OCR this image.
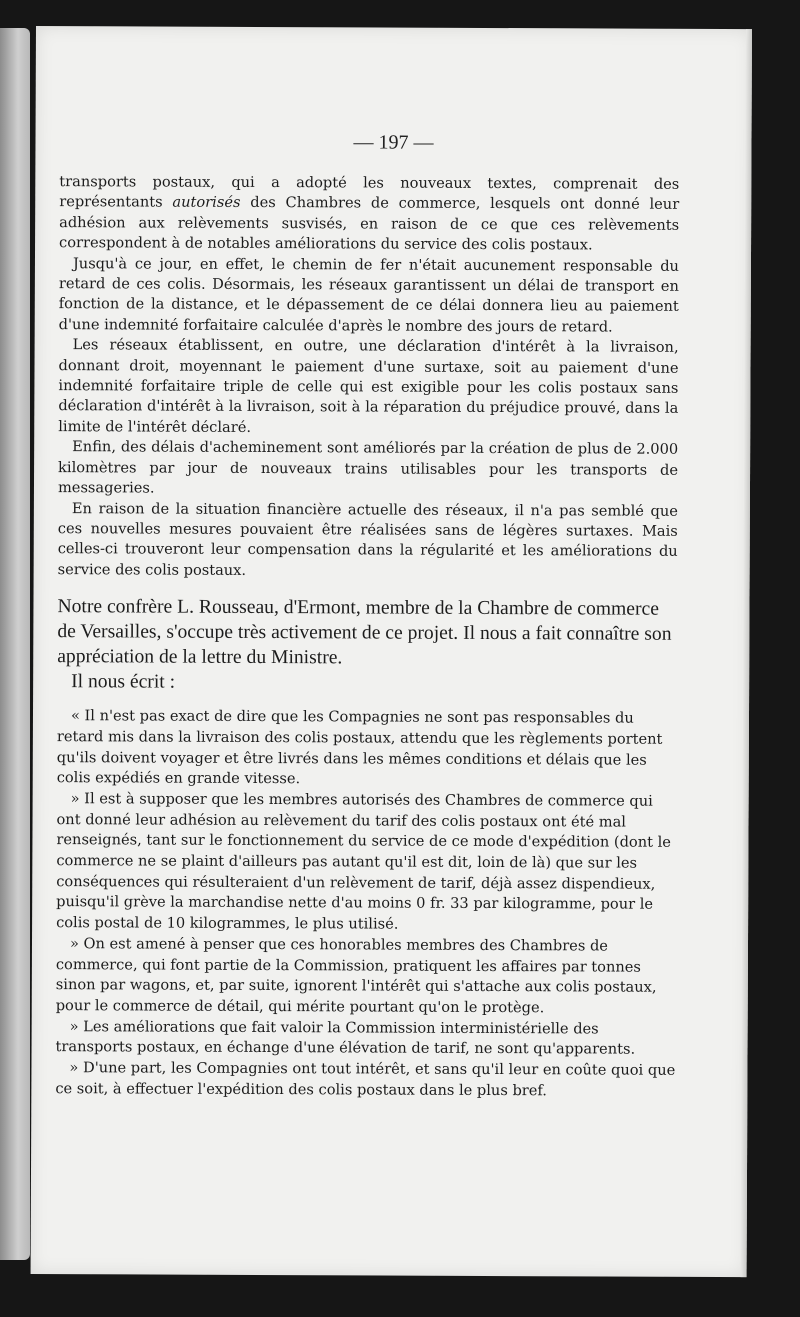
— 197 —

transports postaux, qui a adopté les nouveaux textes, comprenait des représentants autorisés des Chambres de commerce, lesquels ont donné leur adhésion aux relèvements susvisés, en raison de ce que ces relèvements correspondent à de notables améliorations du service des colis postaux.

Jusqu'à ce jour, en effet, le chemin de fer n'était aucunement responsable du retard de ces colis. Désormais, les réseaux garantissent un délai de transport en fonction de la distance, et le dépassement de ce délai donnera lieu au paiement d'une indemnité forfaitaire calculée d'après le nombre des jours de retard.

Les réseaux établissent, en outre, une déclaration d'intérêt à la livraison, donnant droit, moyennant le paiement d'une surtaxe, soit au paiement d'une indemnité forfaitaire triple de celle qui est exigible pour les colis postaux sans déclaration d'intérêt à la livraison, soit à la réparation du préjudice prouvé, dans la limite de l'intérêt déclaré.

Enfin, des délais d'acheminement sont améliorés par la création de plus de 2.000 kilomètres par jour de nouveaux trains utilisables pour les transports de messageries.

En raison de la situation financière actuelle des réseaux, il n'a pas semblé que ces nouvelles mesures pouvaient être réalisées sans de légères surtaxes. Mais celles-ci trouveront leur compensation dans la régularité et les améliorations du service des colis postaux.

Notre confrère L. Rousseau, d'Ermont, membre de la Chambre de commerce de Versailles, s'occupe très activement de ce projet. Il nous a fait connaître son appréciation de la lettre du Ministre.

Il nous écrit :

« Il n'est pas exact de dire que les Compagnies ne sont pas responsables du retard mis dans la livraison des colis postaux, attendu que les règlements portent qu'ils doivent voyager et être livrés dans les mêmes conditions et délais que les colis expédiés en grande vitesse.

» Il est à supposer que les membres autorisés des Chambres de commerce qui ont donné leur adhésion au relèvement du tarif des colis postaux ont été mal renseignés, tant sur le fonctionnement du service de ce mode d'expédition (dont le commerce ne se plaint d'ailleurs pas autant qu'il est dit, loin de là) que sur les conséquences qui résulteraient d'un relèvement de tarif, déjà assez dispendieux, puisqu'il grève la marchandise nette d'au moins 0 fr. 33 par kilogramme, pour le colis postal de 10 kilogrammes, le plus utilisé.

» On est amené à penser que ces honorables membres des Chambres de commerce, qui font partie de la Commission, pratiquent les affaires par tonnes sinon par wagons, et, par suite, ignorent l'intérêt qui s'attache aux colis postaux, pour le commerce de détail, qui mérite pourtant qu'on le protège.

» Les améliorations que fait valoir la Commission interministérielle des transports postaux, en échange d'une élévation de tarif, ne sont qu'apparents.

» D'une part, les Compagnies ont tout intérêt, et sans qu'il leur en coûte quoi que ce soit, à effectuer l'expédition des colis postaux dans le plus bref.
